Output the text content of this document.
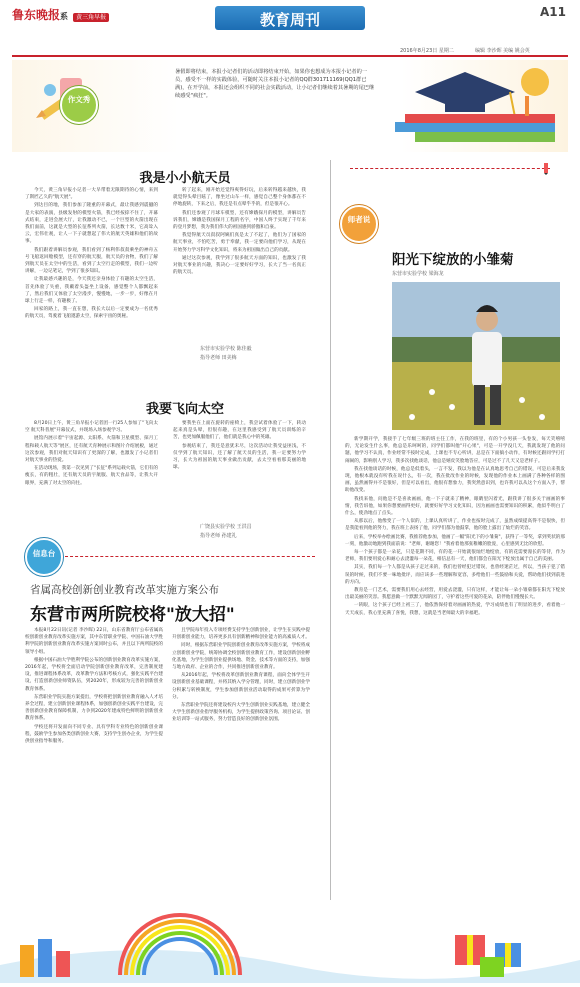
鲁东晚报系 黄三角早报	教育周刊	A11
2016年8月23日 星期二	编辑 李沙晖 美编 姚会英
作文秀
暑假即将结束，本报小记者们的活动即将结束开始，如果你也想成为本报小记者的一员，感受不一样的实践体验，可随时关注本报小记者的QQ群301711169(QQ1群已满)，在开学前，本报还会组织不同的社会实践活动，让小记者们继续着其暑期的尾巴继续感受"疯狂"。
我是小小航天员

今天，黄三角早报小记者一大早带着无限期待的心情，来到了斯匠乙久的"航天展"。

到达目的地，我们参加了隆重的开幕式，最让我感到震撼的是大家的表演，县级发射的模型火箭，我已经按捺不住了，开幕式结束，走进会展大厅，让我激动不已，一个巨型的火箭出现在我们面前，这就是大型的长征系列火箭，长达数十米，它高耸入云，宏伟壮观，让人一下子就想起了伟大的航天英雄和他们的故事。

我们跟着讲解员参观，我们看到了杨利伟叔叔乘坐的神舟五号飞船返回舱模型，还有穿的航天服，航天员的食物，我们了解到航天员在太空中的生活，看到了太空行走的模型，我们一边听讲解，一边记笔记，学到了很多知识。

让我最感兴趣的是，今天我还亲身体验了有趣的太空生活，首先体验了失重，我戴着头盔坐上设备，感觉整个人都飘起来了，然后我们又体验了太空漫步，慢慢地，一步一步，好像在月球上行走一样，有趣极了。

回家的路上，我一直在想，我长大以后一定要成为一名优秀的航天员，驾驶着飞船遨游太空，探索宇宙的奥秘。

转了起来，刚开始还觉得爽得好玩，后来转得越来越快，我就觉得头晕目眩了，像坐过山车一样，感觉自己整个身体都在不停地旋转，下来之后，我还是有点晕乎乎的，但是很开心。

我们还参观了月球车模型，还有嫦娥探月的模型，讲解员告诉我们，嫦娥是我国探月工程的名字，中国人终于实现了千年来的登月梦想，我为我们伟大的祖国感到骄傲和自豪。

我觉得航天员叔叔阿姨们真是太了不起了，他们为了国家的航天事业，不怕吃苦，勇于奉献，我一定要向他们学习，从现在开始努力学习科学文化知识，将来为祖国做出自己的贡献。

通过这次参观，我学到了很多航天方面的知识，也激发了我对航天事业的兴趣，我决心一定要好好学习，长大了当一名真正的航天员。

东营市实验学校 陈佳毅
指导老师 田美梅
我要飞向太空

8月20日上午，黄三角早报小记者团一行25人参加了"飞向太空 航天科普展"开幕仪式，并现场入场参观学习。

展馆内展示着"宇宙起源、太阳系、火箭和卫星模型、探月工程和载人航天等"展区，还有航天育种展示和图片介绍展板，通过这次参观，我们对航天知识有了更深的了解，也激发了小记者们对航天事业的热爱。

在活动现场，我第一次见到了"长征"系列运载火箭，它们有的瘦长，有的粗壮，还有航天员的宇航服、航天食品等，让我大开眼界，充满了对太空的向往。

要我坐在上面在旋转的座椅上，我尝试着体验了一下，转动起来真是头晕，但很有趣，在这里我感受到了航天员训练的辛苦，也更加佩服他们了，他们就是我心中的英雄。

参观结束了，我还是意犹未尽，这次活动让我受益匪浅，不仅学到了航天知识，还了解了航天员的生活，我一定要努力学习，长大为祖国的航天事业做出贡献，去太空看看那美丽的地球。

广饶县实验学校 王洪昌
指导老师 孙建礼
信息台
省属高校创新创业教育改革实施方案公布
东营市两所院校将"放大招"

本报8月22日讯(记者 李沙晖) 22日，山东省教育厅公布省属高校创新创业教育改革实施方案，其中东营职业学院、中国石油大学胜利学院的创新创业教育改革实施方案同时公布，并且以下两所院校的领导小组。

根据中国石油大学胜利学院公布的创新创业教育改革实施方案，2016年起，学校将全面启动学院创新创业教育改革，完善制度建设，推进课程体系改革，改革教学方法和考核方式，强化实践平台建设，打造创新创业师资队伍，到2020年，形成较为完善的创新创业教育体系。

东营职业学院实施方案提出，学校将把创新创业教育融入人才培养全过程，建立创新创业课程体系，加强创新创业实践平台建设，完善创新创业教育保障机制，力争到2020年建成特色鲜明的创新创业教育体系。

学校还将开发面向不同专业、具有学科专业特色的创新创业课程，鼓励学生参加各类创新创业大赛，支持学生创办企业，为学生提供创业指导和服务。

且学院每年投入专项经费支持学生创新创业，让学生在实践中提升创新创业能力，培养更多具有创新精神和创业能力的高素质人才。

同时，根据东营职业学院创新创业教育改革实施方案，学校将成立创新创业学院，统筹协调全校创新创业教育工作，建设创新创业孵化基地，为学生创新创业提供场地、资金、技术等方面的支持，加强与地方政府、企业的合作，共同推进创新创业教育。

从2016年起，学校将改革创新创业教育课程，面向全体学生开设创新创业基础课程，并将其纳入学分管理，同时，建立创新创业学分积累与转换制度，学生参加创新创业活动取得的成果可折算为学分。

东营职业学院还将建设校内大学生创新创业实践基地，建立健全大学生创新创业指导服务机构，为学生提供政策咨询、项目论证、创业培训等一站式服务，努力营造良好的创新创业氛围。

师者说
阳光下绽放的小雏菊
东营市实验学校 梁海龙

新学期开学，我接手了七年级三班的班主任工作，在我的班里，有的个小男孩一头卷发，每天笑嘻嘻的，无论发生什么事，他总是乐呵呵的，同学们都叫他"开心果"，可是一开学没几天，我就发现了他的问题，他学习不认真，作业经常不按时完成，上课也不专心听讲，总是在下面搞小动作，有时候还跟同学打打闹闹的，影响别人学习，我多次找他谈话，他总是嬉皮笑脸地答应，可是过不了几天又是老样子。

我在找他谈话的时候，他总是低着头，一言不发，我以为他是在认真地思考自己的错误，可是后来我发现，他根本就没有听我在说什么，有一次，我在批改作业的时候，发现他的作业本上画满了各种各样的图画，虽然画得并不是很好，但是可以看出，他很有想象力，我突然意识到，也许我可以从这个方面入手，帮助他改变。

我找来他，问他是不是喜欢画画，他一下子就来了精神，眼睛里闪着光，跟我讲了很多关于画画的事情，我告诉他，如果你想要画得更好，就要好好学习文化知识，因为画画也需要知识的积累，他似乎明白了什么，使劲地点了点头。

从那以后，他像变了一个人似的，上课认真听讲了，作业也按时完成了，虽然成绩提高得不是很快，但是我能看到他的努力，我在班上表扬了他，同学们都为他鼓掌，他的脸上露出了灿烂的笑容。

后来，学校举办绘画比赛，我推荐他参加，他画了一幅"阳光下的小雏菊"，获得了一等奖，拿到奖状的那一刻，他激动地跑到我面前说："老师，谢谢您！"我看着他那张稚嫩的脸庞，心里感到无比的欣慰。

每一个孩子都是一朵花，只是花期不同，有的花一开始就很灿烂地绽放，有的花需要漫长的等待，作为老师，我们要用爱心和耐心去浇灌每一朵花，相信总有一天，他们都会在阳光下绽放出属于自己的美丽。

其实，我们每一个人都是从孩子走过来的，我们也曾经犯过错误，也曾经迷茫过，所以，当孩子犯了错误的时候，我们不要一味地批评，而应该多一些理解和宽容，多给他们一些鼓励和关爱，帮助他们找到前进的方向。

教育是一门艺术，需要我们用心去经营，用爱去浇灌，只有这样，才能让每一朵小雏菊都在阳光下绽放出最美丽的笑容。我愿意做一个默默无闻的园丁，守护着这些可爱的花朵，陪伴他们慢慢长大。

一转眼，这个孩子已经上初三了，他依然保持着对画画的热爱，学习成绩也有了明显的进步，看着他一天天成长，我心里充满了喜悦，我想，这就是当老师最大的幸福吧。
